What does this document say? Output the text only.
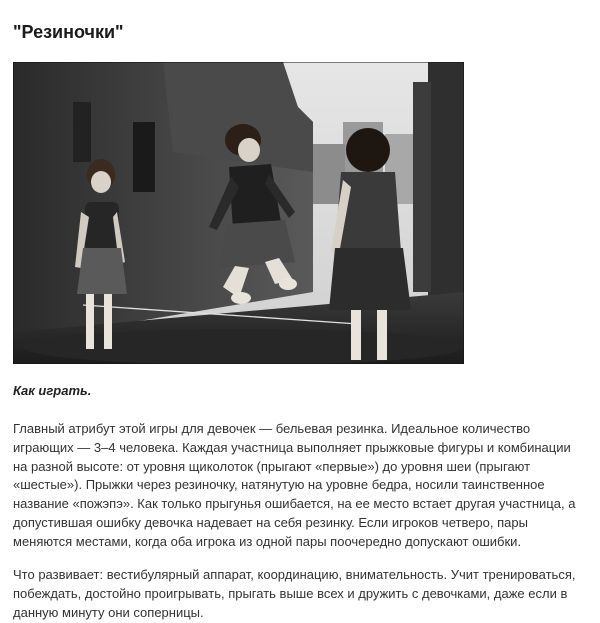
"Резиночки"

Как играть.

Главный атрибут этой игры для девочек — бельевая резинка. Идеальное количество играющих — 3–4 человека. Каждая участница выполняет прыжковые фигуры и комбинации на разной высоте: от уровня щиколоток (прыгают «первые») до уровня шеи (прыгают «шестые»). Прыжки через резиночку, натянутую на уровне бедра, носили таинственное название «пожэпэ». Как только прыгунья ошибается, на ее место встает другая участница, а допустившая ошибку девочка надевает на себя резинку. Если игроков четверо, пары меняются местами, когда оба игрока из одной пары поочередно допускают ошибки.

Что развивает: вестибулярный аппарат, координацию, внимательность. Учит тренироваться, побеждать, достойно проигрывать, прыгать выше всех и дружить с девочками, даже если в данную минуту они соперницы.
